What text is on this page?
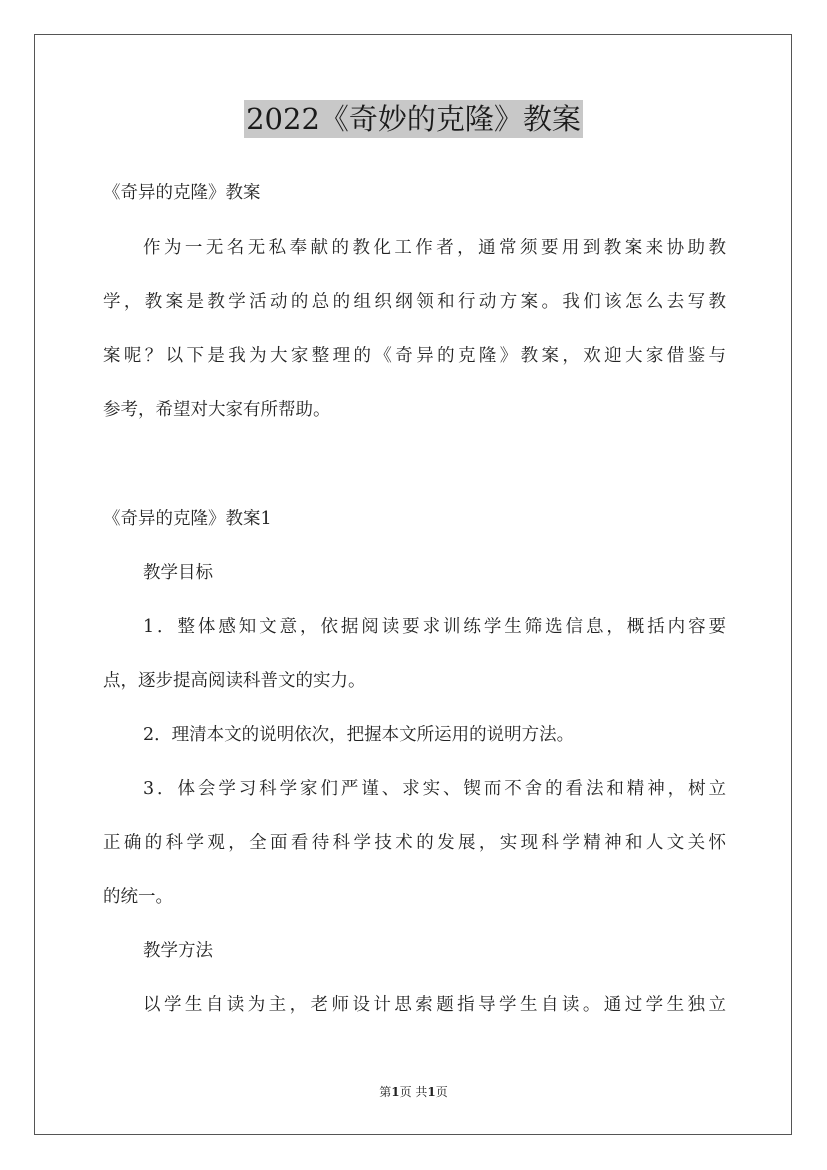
2022《奇妙的克隆》教案
《奇异的克隆》教案
作为一无名无私奉献的教化工作者，通常须要用到教案来协助教
学，教案是教学活动的总的组织纲领和行动方案。我们该怎么去写教
案呢？以下是我为大家整理的《奇异的克隆》教案，欢迎大家借鉴与
参考，希望对大家有所帮助。
《奇异的克隆》教案1
教学目标
1．整体感知文意，依据阅读要求训练学生筛选信息，概括内容要
点，逐步提高阅读科普文的实力。
2．理清本文的说明依次，把握本文所运用的说明方法。
3．体会学习科学家们严谨、求实、锲而不舍的看法和精神，树立
正确的科学观，全面看待科学技术的发展，实现科学精神和人文关怀
的统一。
教学方法
以学生自读为主，老师设计思索题指导学生自读。通过学生独立
第1页 共1页
